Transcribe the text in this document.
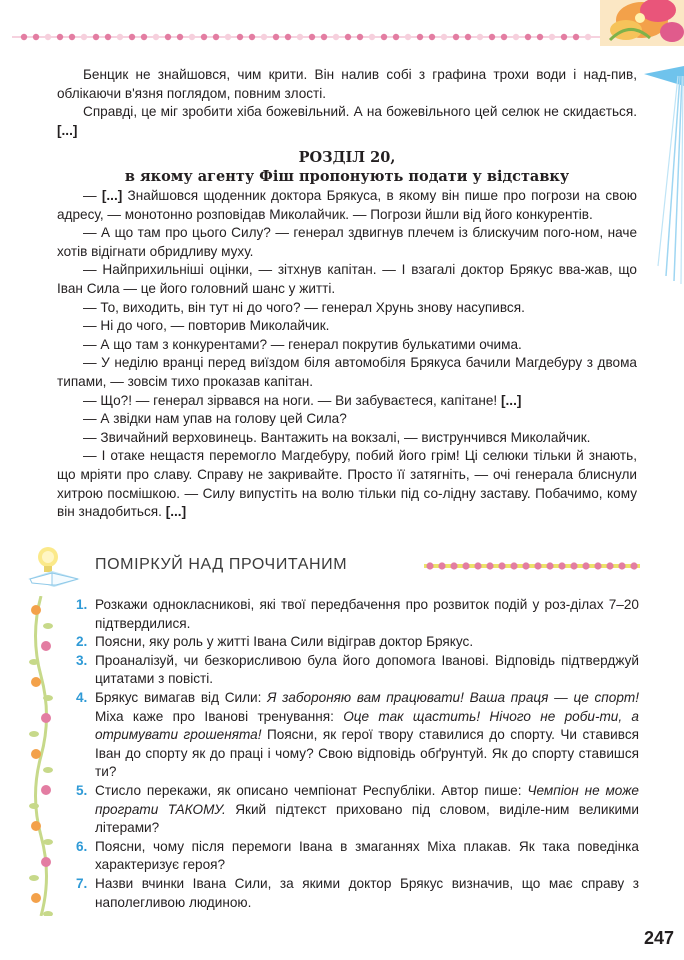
Бенцик не знайшовся, чим крити. Він налив собі з графина трохи води і над-пив, облікаючи в'язня поглядом, повним злості.

Справді, це міг зробити хіба божевільний. А на божевільного цей селюк не скидається. [...]

РОЗДІЛ 20,
в якому агенту Фіш пропонують подати у відставку

— [...] Знайшовся щоденник доктора Брякуса, в якому він пише про погрози на свою адресу, — монотонно розповідав Миколайчик. — Погрози йшли від його конкурентів.

— А що там про цього Силу? — генерал здвигнув плечем із блискучим пого-ном, наче хотів відігнати обридливу муху.

— Найприхильніші оцінки, — зітхнув капітан. — І взагалі доктор Брякус вва-жав, що Іван Сила — це його головний шанс у житті.

— То, виходить, він тут ні до чого? — генерал Хрунь знову насупився.

— Ні до чого, — повторив Миколайчик.

— А що там з конкурентами? — генерал покрутив булькатими очима.

— У неділю вранці перед виїздом біля автомобіля Брякуса бачили Магдебуру з двома типами, — зовсім тихо проказав капітан.

— Що?! — генерал зірвався на ноги. — Ви забуваєтеся, капітане! [...]

— А звідки нам упав на голову цей Сила?

— Звичайний верховинець. Вантажить на вокзалі, — виструнчився Миколайчик.

— І отаке нещастя перемогло Магдебуру, побий його грім! Ці селюки тільки й знають, що мріяти про славу. Справу не закривайте. Просто її затягніть, — очі генерала блиснули хитрою посмішкою. — Силу випустіть на волю тільки під со-лідну заставу. Побачимо, кому він знадобиться. [...]

ПОМІРКУЙ НАД ПРОЧИТАНИМ
1. Розкажи однокласникові, які твої передбачення про розвиток подій у роз-ділах 7–20 підтвердилися.
2. Поясни, яку роль у житті Івана Сили відіграв доктор Брякус.
3. Проаналізуй, чи безкорисливою була його допомога Іванові. Відповідь підтверджуй цитатами з повісті.
4. Брякус вимагав від Сили: Я забороняю вам працювати! Ваша праця — це спорт! Міха каже про Іванові тренування: Оце так щастить! Нічого не роби-ти, а отримувати грошенята! Поясни, як герої твору ставилися до спорту. Чи ставився Іван до спорту як до праці і чому? Свою відповідь обґрунтуй. Як до спорту ставишся ти?
5. Стисло перекажи, як описано чемпіонат Республіки. Автор пише: Чемпіон не може програти ТАКОМУ. Який підтекст приховано під словом, виділе-ним великими літерами?
6. Поясни, чому після перемоги Івана в змаганнях Міха плакав. Як така поведінка характеризує героя?
7. Назви вчинки Івана Сили, за якими доктор Брякус визначив, що має справу з наполегливою людиною.
247
